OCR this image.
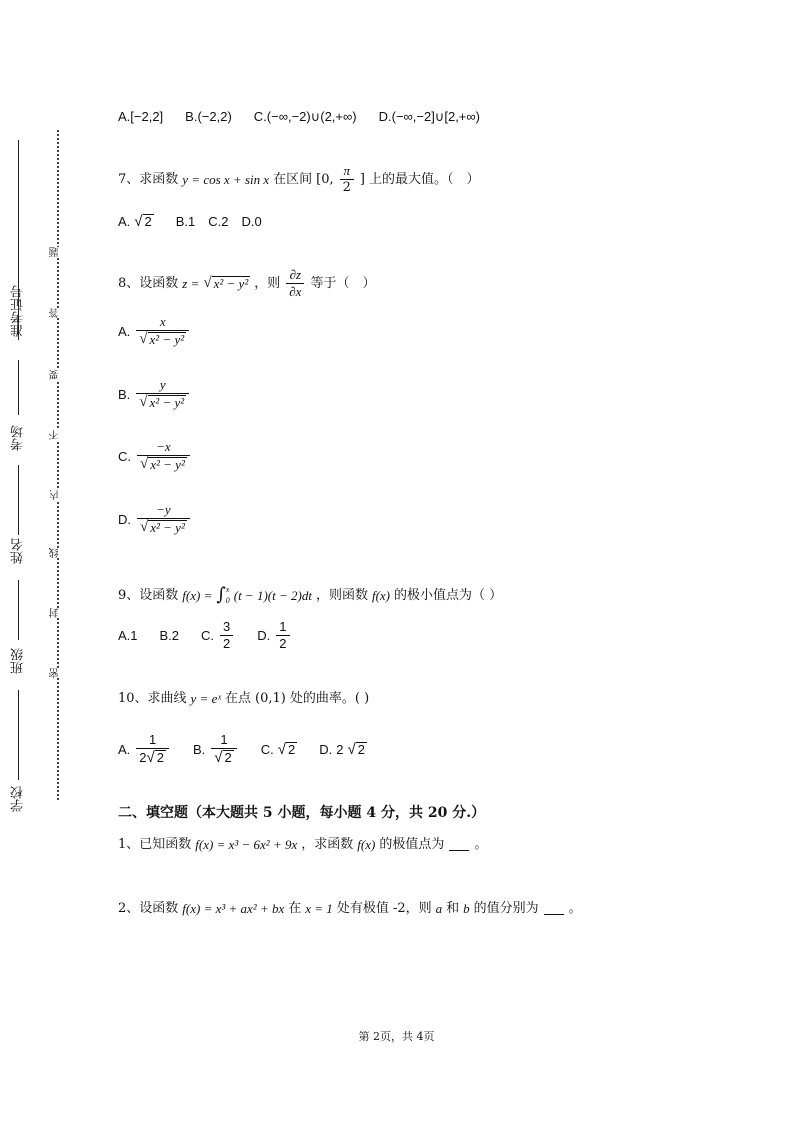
准考证号
考场
姓名
班级
学校
题
答
要
不
内
线
封
密
A.[−2,2] B.(−2,2) C.(−∞,−2)∪(2,+∞) D.(−∞,−2]∪[2,+∞)
7、求函数 y = cos x + sin x 在区间 [0,
π
2 ] 上的最大值。（　）
A. √ 2 B.1　C.2　D.0
8、设函数 z = √ x² − y² ，则
∂z
∂x 等于（　）
A.
x
√ x² − y²
B.
y
√ x² − y²
C.
−x
√ x² − y²
D.
−y
√ x² − y²
9、设函数 f(x) = ∫ x
0 (t − 1)(t − 2)dt ，则函数 f(x) 的极小值点为（ ）
A.1 B.2 C. $\frac{3}{2} D$. $\frac{1}{2}$
10、求曲线 y = eˣ 在点 (0,1) 处的曲率。( )
A.
1
2 √ 2
B.
1
√ 2
C. √ 2 D. 2 √ 2
二、填空题（本大题共 5 小题，每小题 4 分，共 20 分.）
1、已知函数 f(x) = x³ − 6x² + 9x ，求函数 f(x) 的极值点为 。
2、设函数 f(x) = x³ + ax² + bx 在 x = 1 处有极值 -2，则 a 和 b 的值分别为 。
第 2页，共 4页
